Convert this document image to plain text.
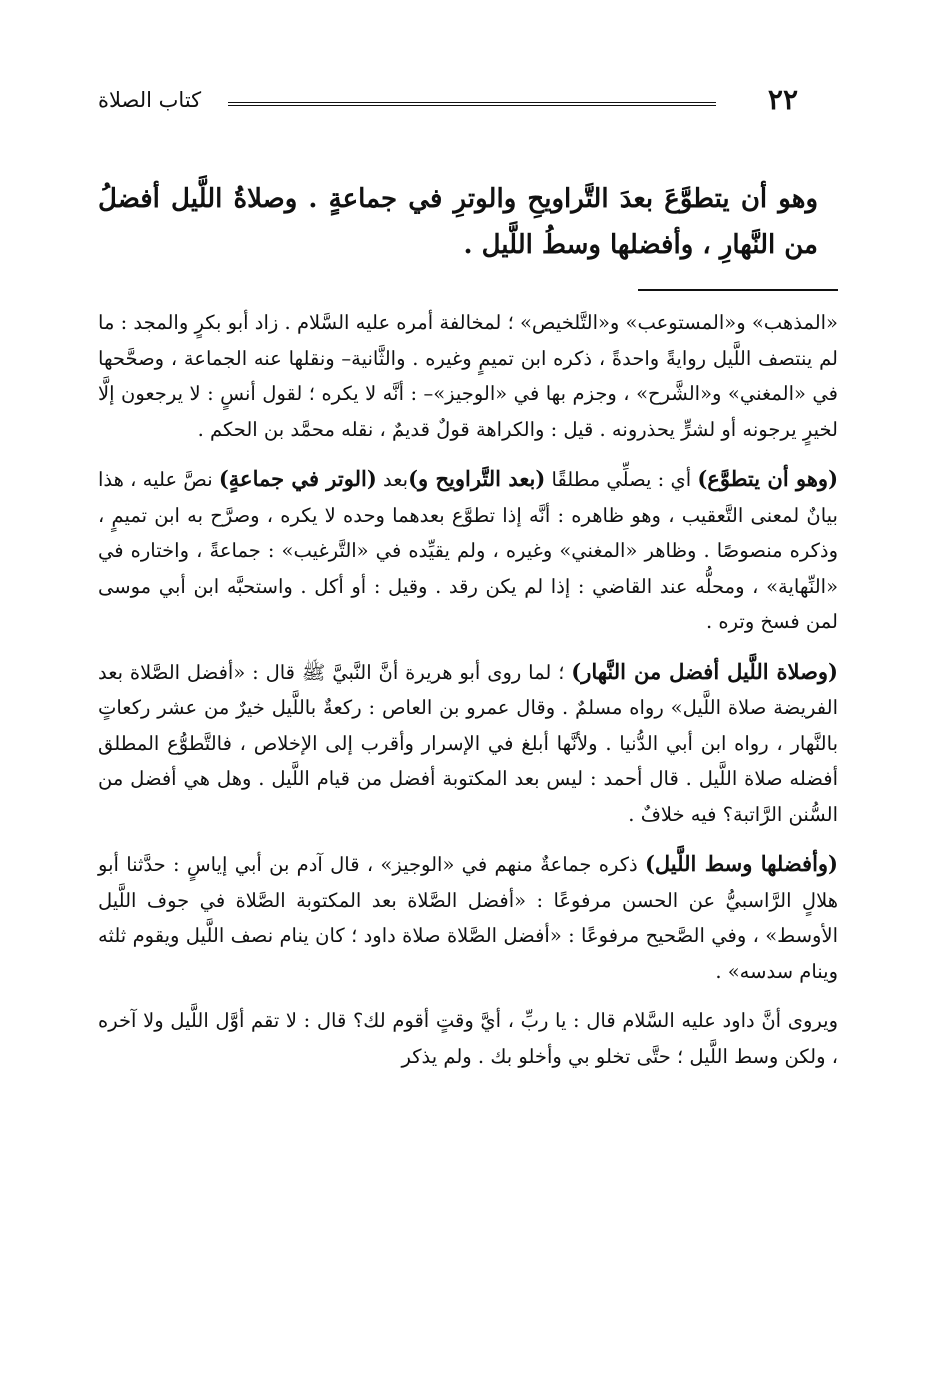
٢٢
كتاب الصلاة
وهو أن يتطوَّعَ بعدَ التَّراويحِ والوترِ في جماعةٍ . وصلاةُ اللَّيل أفضلُ من النَّهارِ ، وأفضلها وسطُ اللَّيل .

«المذهب» و«المستوعب» و«التَّلخيص» ؛ لمخالفة أمره عليه السَّلام . زاد أبو بكرٍ والمجد : ما لم ينتصف اللَّيل روايةً واحدةً ، ذكره ابن تميمٍ وغيره . والثَّانية– ونقلها عنه الجماعة ، وصحَّحها في «المغني» و«الشَّرح» ، وجزم بها في «الوجيز»– : أنَّه لا يكره ؛ لقول أنسٍ : لا يرجعون إلَّا لخيرٍ يرجونه أو لشرٍّ يحذرونه . قيل : والكراهة قولٌ قديمٌ ، نقله محمَّد بن الحكم .

(وهو أن يتطوَّع) أي : يصلِّي مطلقًا (بعد التَّراويح و)بعد (الوتر في جماعةٍ) نصَّ عليه ، هذا بيانٌ لمعنى التَّعقيب ، وهو ظاهره : أنَّه إذا تطوَّع بعدهما وحده لا يكره ، وصرَّح به ابن تميمٍ ، وذكره منصوصًا . وظاهر «المغني» وغيره ، ولم يقيِّده في «التَّرغيب» : جماعةً ، واختاره في «النِّهاية» ، ومحلُّه عند القاضي : إذا لم يكن رقد . وقيل : أو أكل . واستحبَّه ابن أبي موسى لمن فسخ وتره .

(وصلاة اللَّيل أفضل من النَّهار) ؛ لما روى أبو هريرة أنَّ النَّبيَّ ﷺ قال : «أفضل الصَّلاة بعد الفريضة صلاة اللَّيل» رواه مسلمٌ . وقال عمرو بن العاص : ركعةٌ باللَّيل خيرٌ من عشر ركعاتٍ بالنَّهار ، رواه ابن أبي الدُّنيا . ولأنَّها أبلغ في الإسرار وأقرب إلى الإخلاص ، فالتَّطوُّع المطلق أفضله صلاة اللَّيل . قال أحمد : ليس بعد المكتوبة أفضل من قيام اللَّيل . وهل هي أفضل من السُّنن الرَّاتبة؟ فيه خلافٌ .

(وأفضلها وسط اللَّيل) ذكره جماعةٌ منهم في «الوجيز» ، قال آدم بن أبي إياسٍ : حدَّثنا أبو هلالٍ الرَّاسبيُّ عن الحسن مرفوعًا : «أفضل الصَّلاة بعد المكتوبة الصَّلاة في جوف اللَّيل الأوسط» ، وفي الصَّحيح مرفوعًا : «أفضل الصَّلاة صلاة داود ؛ كان ينام نصف اللَّيل ويقوم ثلثه وينام سدسه» .

ويروى أنَّ داود عليه السَّلام قال : يا ربِّ ، أيَّ وقتٍ أقوم لك؟ قال : لا تقم أوَّل اللَّيل ولا آخره ، ولكن وسط اللَّيل ؛ حتَّى تخلو بي وأخلو بك . ولم يذكر
